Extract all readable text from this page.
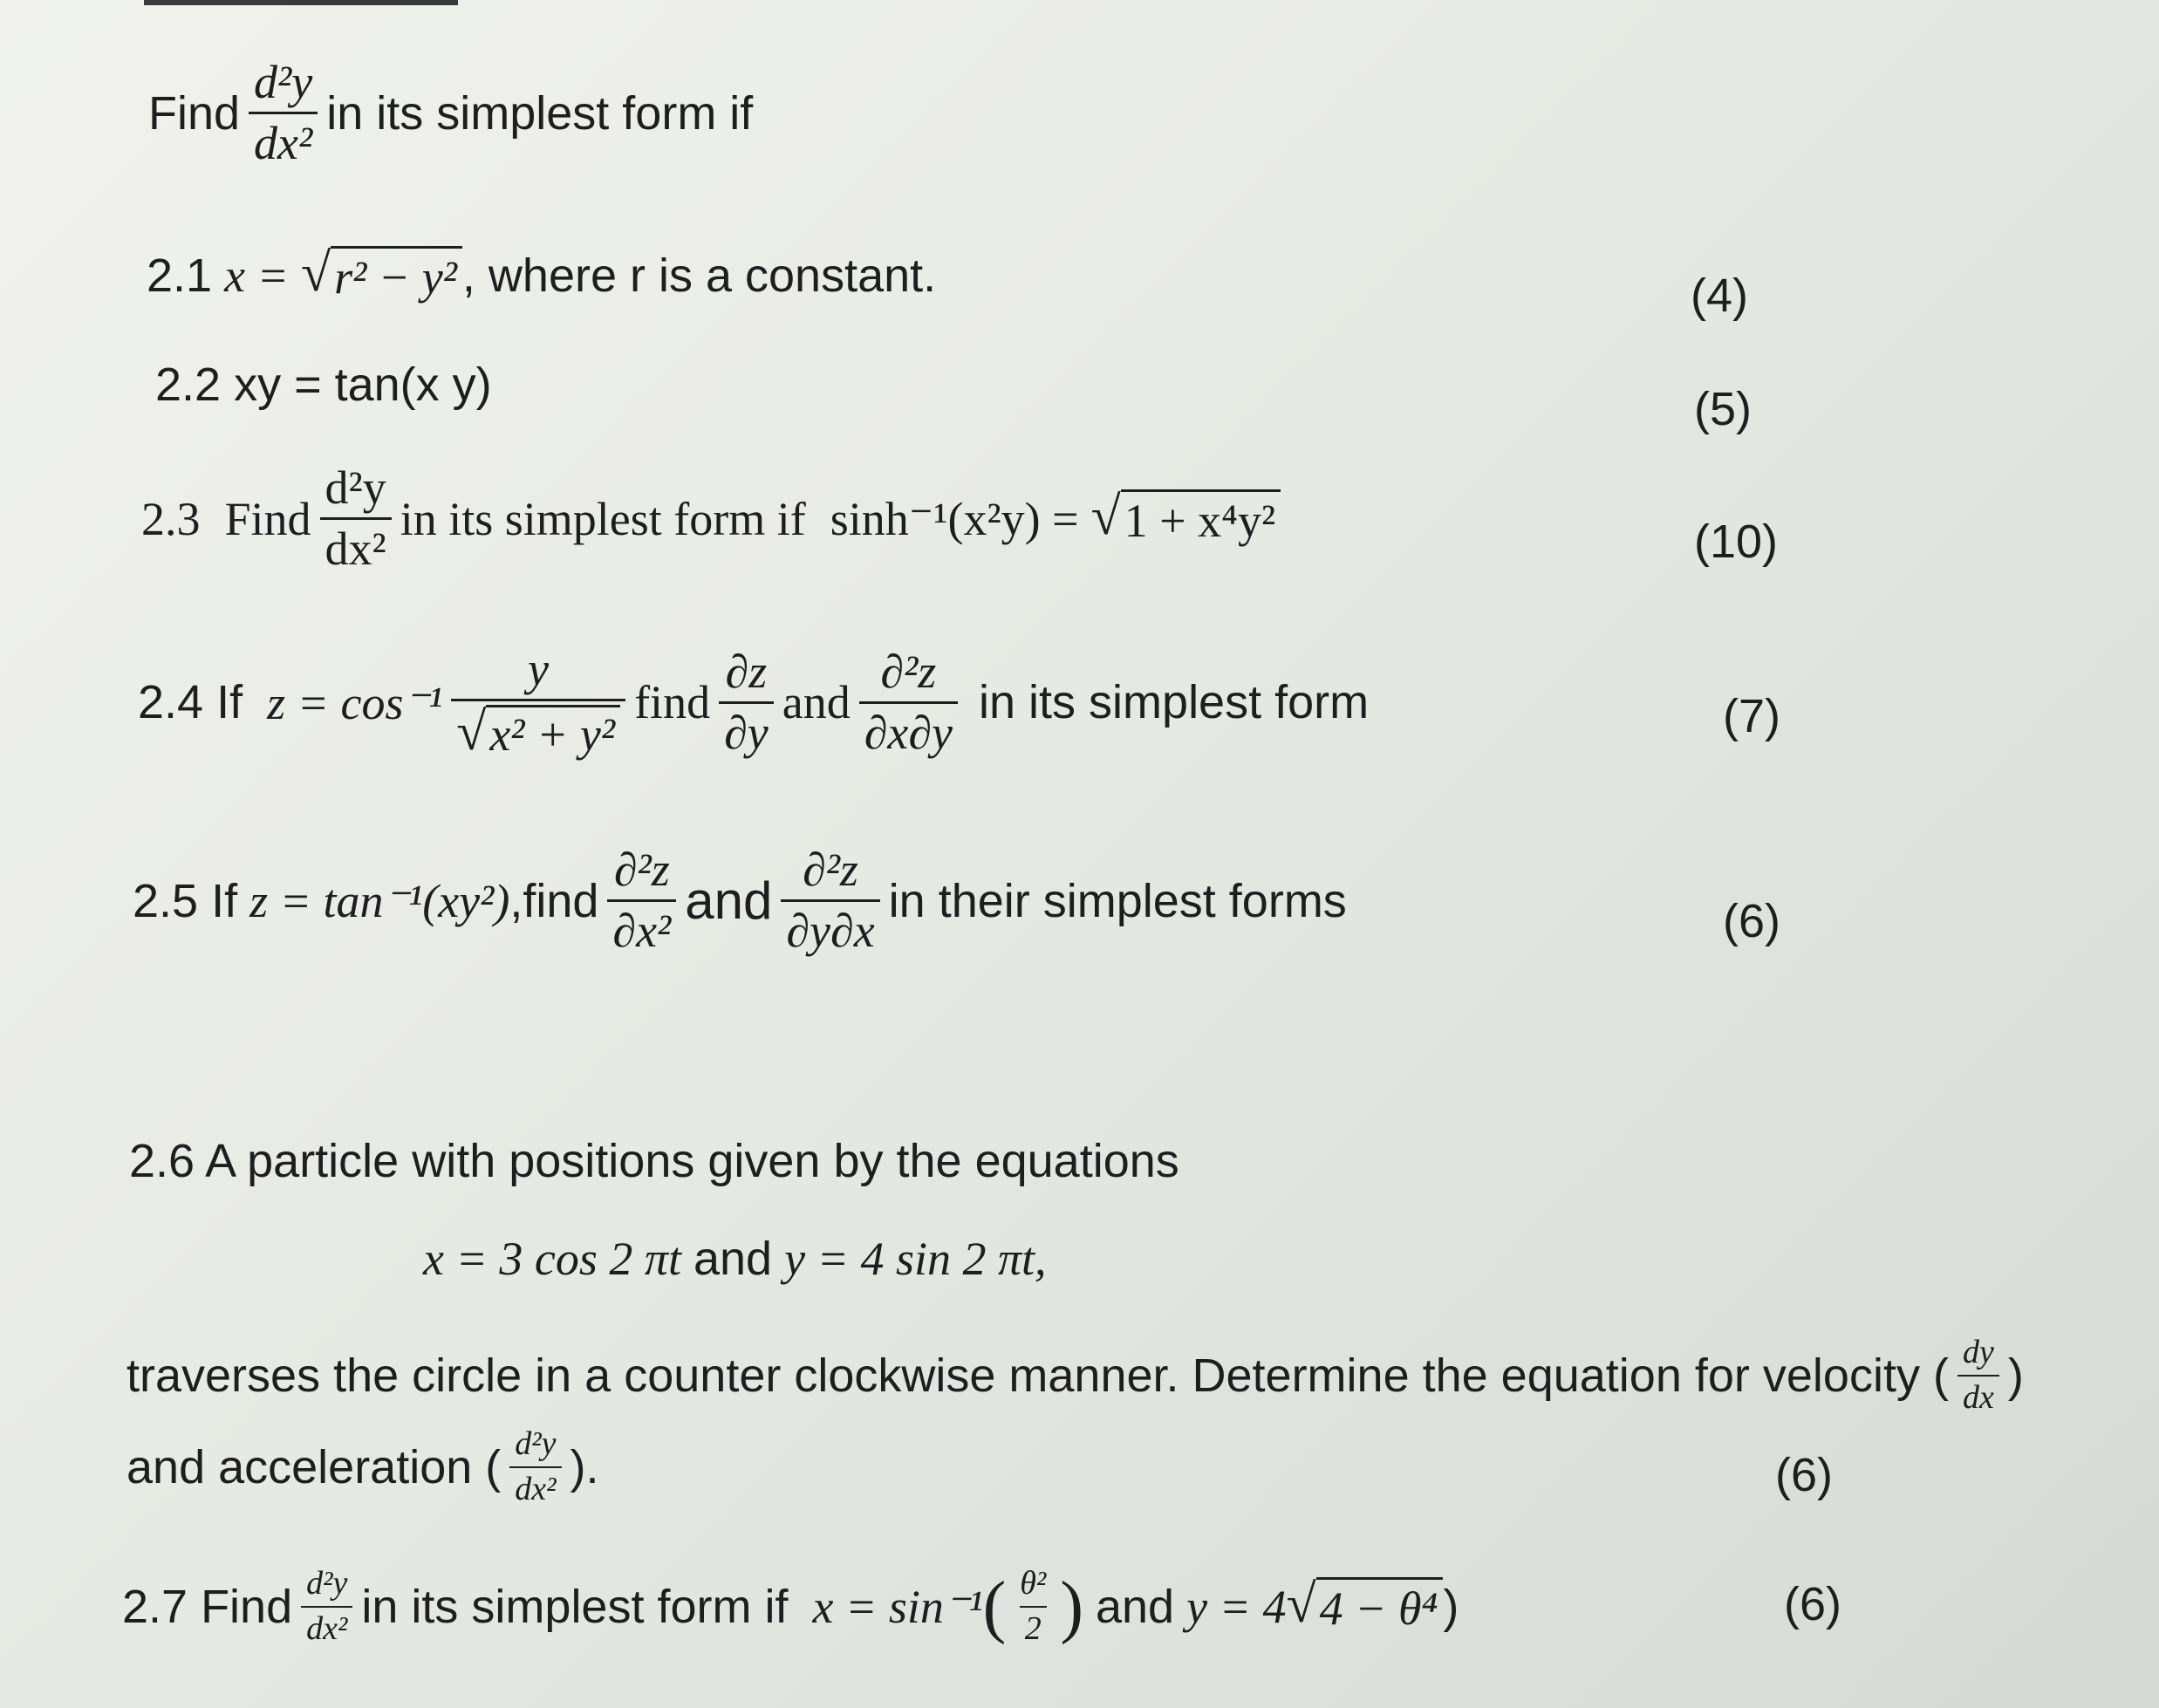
Find $\frac{\text{d²y}}{\text{dx²}}$ in its simplest form if
2.1 x = √ r² − y² , where r is a constant.	(4)
2.2 xy = tan(x y)	(5)
2.3 Find $\frac{\text{d²y}}{\text{dx²}}$ in its simplest form if sinh⁻¹(x²y) = √ 1 + x⁴y²	(10)
2.4 If $z = \cos^{-1} \frac{y}{\text{√ x² + y²}}$ find $\frac{\partial z}{\partial y}$ and $\frac{\text{∂²z}}{\partial x\partial y}$ in its simplest form	(7)
2.5 If z = tan⁻¹(xy²) ,find $\frac{\text{∂²z}}{\text{∂x²}}$ and $\frac{\text{∂²z}}{\partial y\partial x}$ in their simplest forms	(6)
2.6 A particle with positions given by the equations
x = 3 cos 2 πt and y = 4 sin 2 πt,
traverses the circle in a counter clockwise manner. Determine the equation for velocity ( $\frac{dy}{dx}$ )
and acceleration ( $\frac{\text{d²y}}{\text{dx²}}$ ).	(6)
2.7 Find $\frac{\text{d²y}}{\text{dx²}}$ in its simplest form if x = sin⁻¹ ( $\frac{\text{θ²}}{2}$ ) and y = 4 √ 4 − θ⁴ )	(6)
